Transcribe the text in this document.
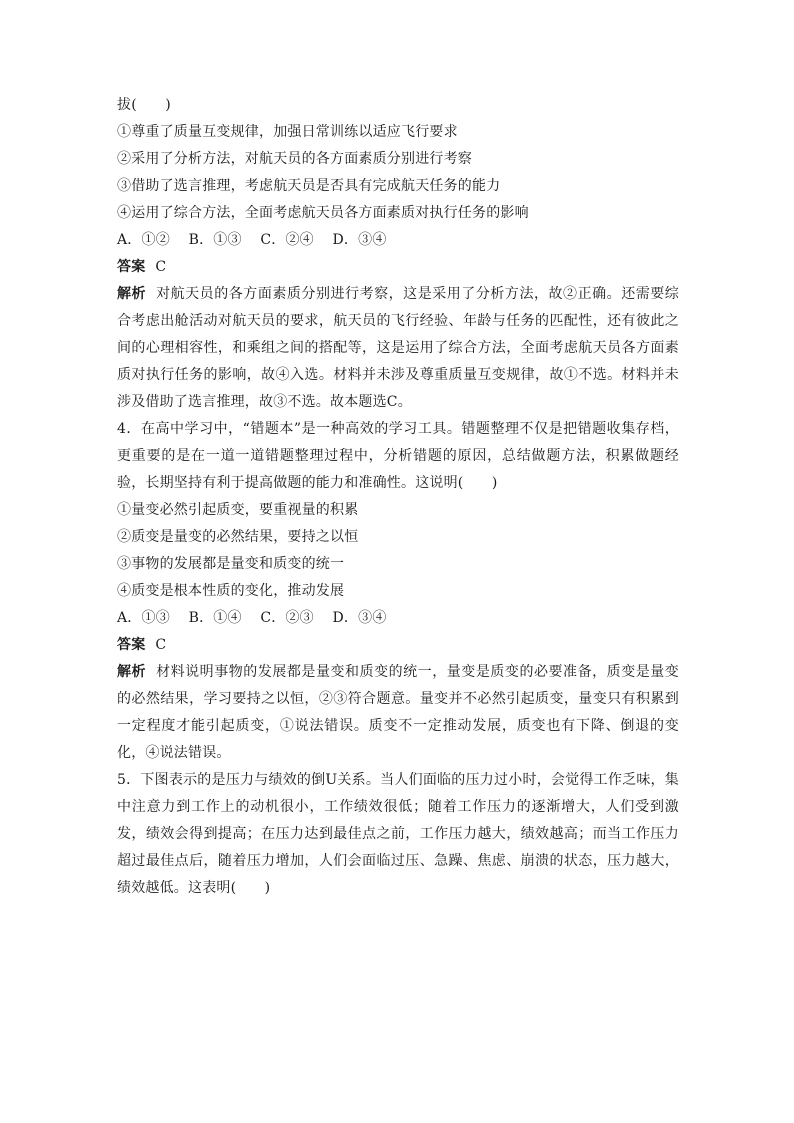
拔(　　)
①尊重了质量互变规律，加强日常训练以适应飞行要求
②采用了分析方法，对航天员的各方面素质分别进行考察
③借助了选言推理，考虑航天员是否具有完成航天任务的能力
④运用了综合方法，全面考虑航天员各方面素质对执行任务的影响
A．①② B．①③ C．②④ D．③④
答案 C
解析 对航天员的各方面素质分别进行考察，这是采用了分析方法，故②正确。还需要综合考虑出舱活动对航天员的要求，航天员的飞行经验、年龄与任务的匹配性，还有彼此之间的心理相容性，和乘组之间的搭配等，这是运用了综合方法，全面考虑航天员各方面素质对执行任务的影响，故④入选。材料并未涉及尊重质量互变规律，故①不选。材料并未涉及借助了选言推理，故③不选。故本题选C。
4．在高中学习中，“错题本”是一种高效的学习工具。错题整理不仅是把错题收集存档，更重要的是在一道一道错题整理过程中，分析错题的原因，总结做题方法，积累做题经验，长期坚持有利于提高做题的能力和准确性。这说明(　　)
①量变必然引起质变，要重视量的积累
②质变是量变的必然结果，要持之以恒
③事物的发展都是量变和质变的统一
④质变是根本性质的变化，推动发展
A．①③ B．①④ C．②③ D．③④
答案 C
解析 材料说明事物的发展都是量变和质变的统一，量变是质变的必要准备，质变是量变的必然结果，学习要持之以恒，②③符合题意。量变并不必然引起质变，量变只有积累到一定程度才能引起质变，①说法错误。质变不一定推动发展，质变也有下降、倒退的变化，④说法错误。
5．下图表示的是压力与绩效的倒U关系。当人们面临的压力过小时，会觉得工作乏味，集中注意力到工作上的动机很小，工作绩效很低；随着工作压力的逐渐增大，人们受到激发，绩效会得到提高；在压力达到最佳点之前，工作压力越大，绩效越高；而当工作压力超过最佳点后，随着压力增加，人们会面临过压、急躁、焦虑、崩溃的状态，压力越大，绩效越低。这表明(　　)
